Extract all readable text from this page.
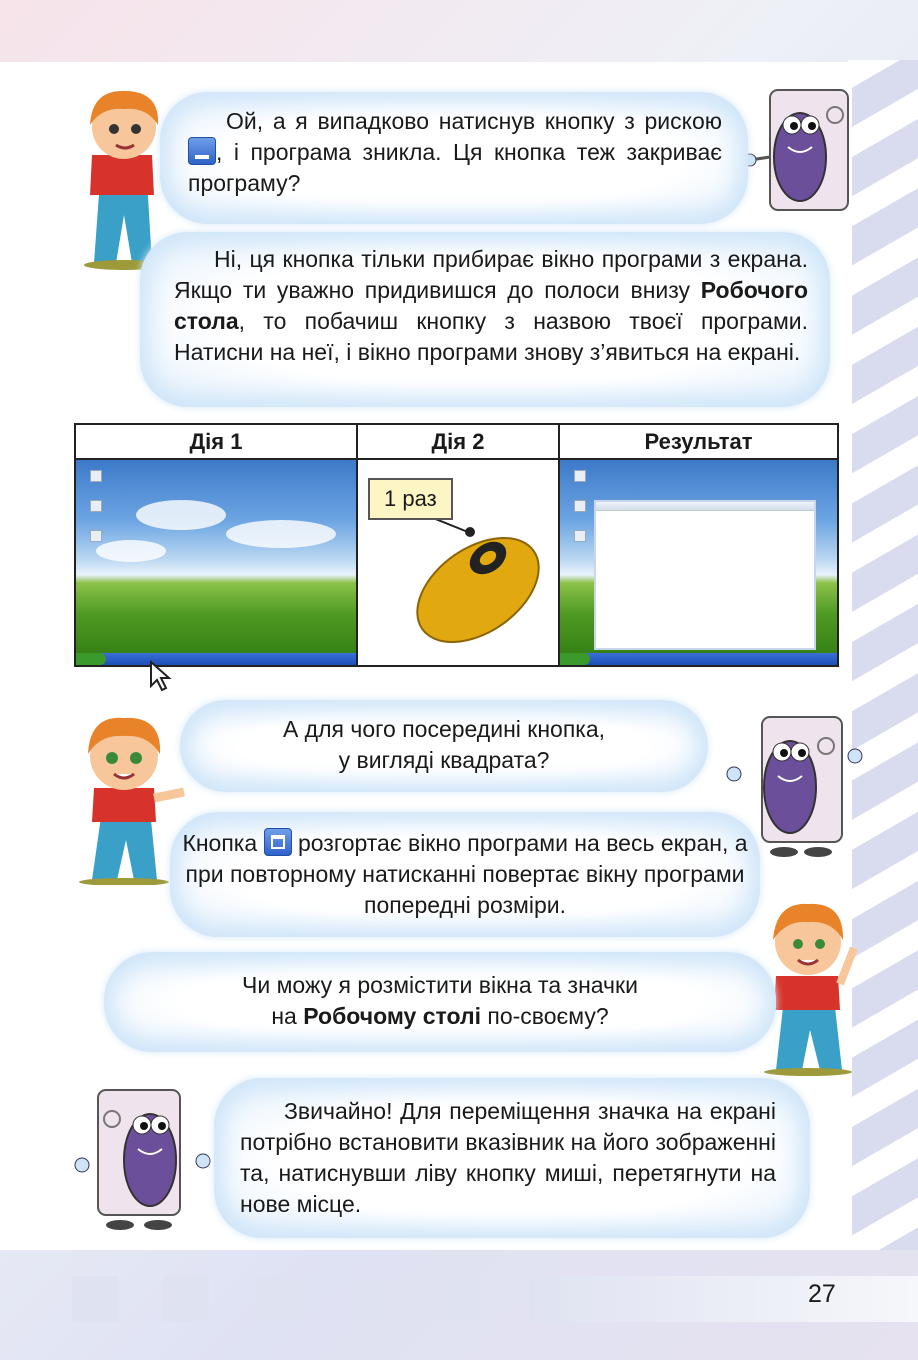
Ой, а я випадково натиснув кнопку з рискою , і програма зникла. Ця кнопка теж закриває програму?
Ні, ця кнопка тільки прибирає вікно програми з екрана. Якщо ти уважно придивишся до полоси внизу Робочого стола, то побачиш кнопку з назвою твоєї програми. Натисни на неї, і вікно програми знову з’явиться на екрані.
Дія 1	Дія 2	Результат

	1 раз	

А для чого посередині кнопка,
у вигляді квадрата?
Кнопка  розгортає вікно програми на весь екран, а при повторному натисканні повертає вікну програми попередні розміри.
Чи можу я розмістити вікна та значки
на Робочому столі по-своєму?
Звичайно! Для переміщення значка на екрані потрібно встановити вказівник на його зображенні та, натиснувши ліву кнопку миші, перетягнути на нове місце.
27
